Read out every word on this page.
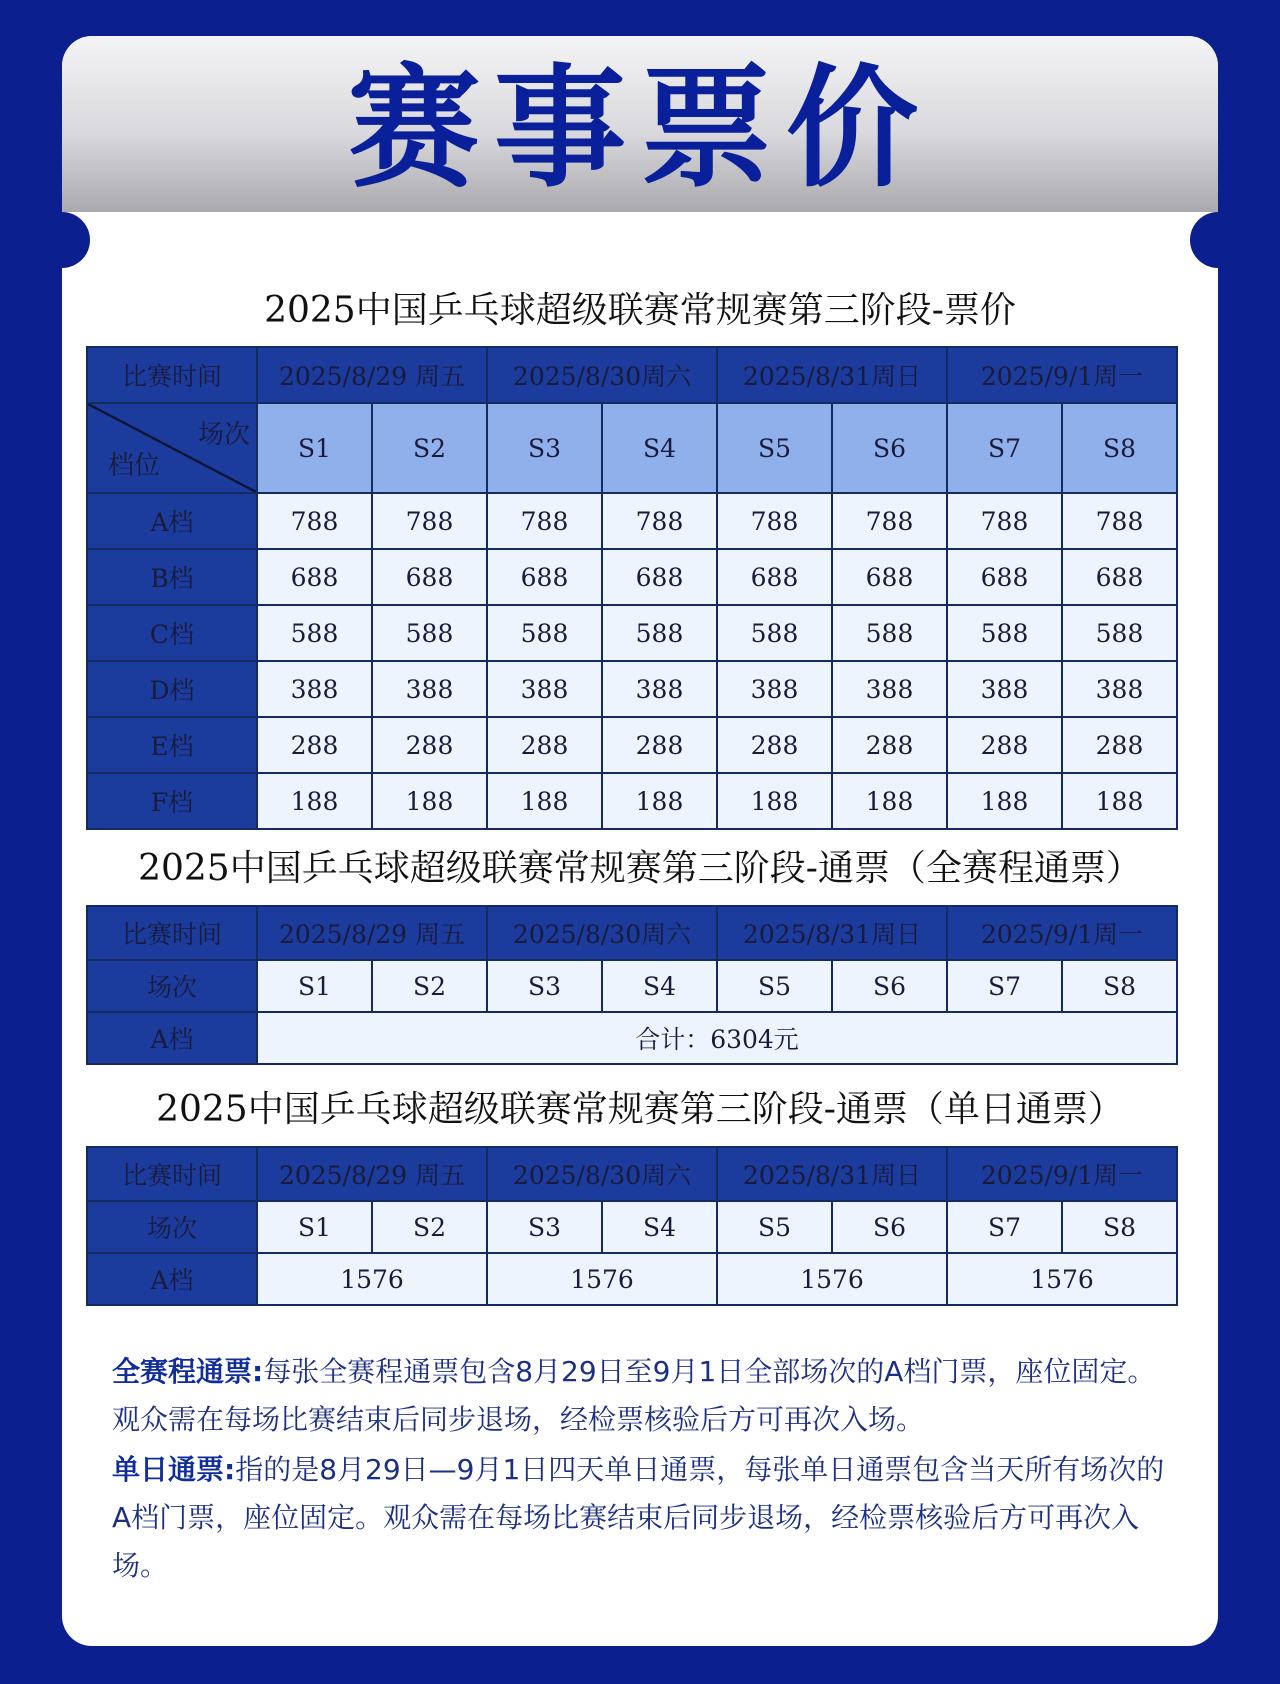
赛事票价
2025中国乒乓球超级联赛常规赛第三阶段-票价
比赛时间	2025/8/29 周五		2025/8/30周六		2025/8/31周日		2025/9/1周一	

场次
档位	S1	S2	S3	S4	S5	S6	S7	S8
A档	788	788	788	788	788	788	788	788
B档	688	688	688	688	688	688	688	688
C档	588	588	588	588	588	588	588	588
D档	388	388	388	388	388	388	388	388
E档	288	288	288	288	288	288	288	288
F档	188	188	188	188	188	188	188	188
2025中国乒乓球超级联赛常规赛第三阶段-通票（全赛程通票）
比赛时间	2025/8/29 周五		2025/8/30周六		2025/8/31周日		2025/9/1周一	
场次	S1	S2	S3	S4	S5	S6	S7	S8
A档	合计：6304元							
2025中国乒乓球超级联赛常规赛第三阶段-通票（单日通票）
比赛时间	2025/8/29 周五		2025/8/30周六		2025/8/31周日		2025/9/1周一	
场次	S1	S2	S3	S4	S5	S6	S7	S8
A档	1576		1576		1576		1576	

全赛程通票:每张全赛程通票包含8月29日至9月1日全部场次的A档门票，座位固定。观众需在每场比赛结束后同步退场，经检票核验后方可再次入场。

单日通票:指的是8月29日—9月1日四天单日通票，每张单日通票包含当天所有场次的A档门票，座位固定。观众需在每场比赛结束后同步退场，经检票核验后方可再次入场。
